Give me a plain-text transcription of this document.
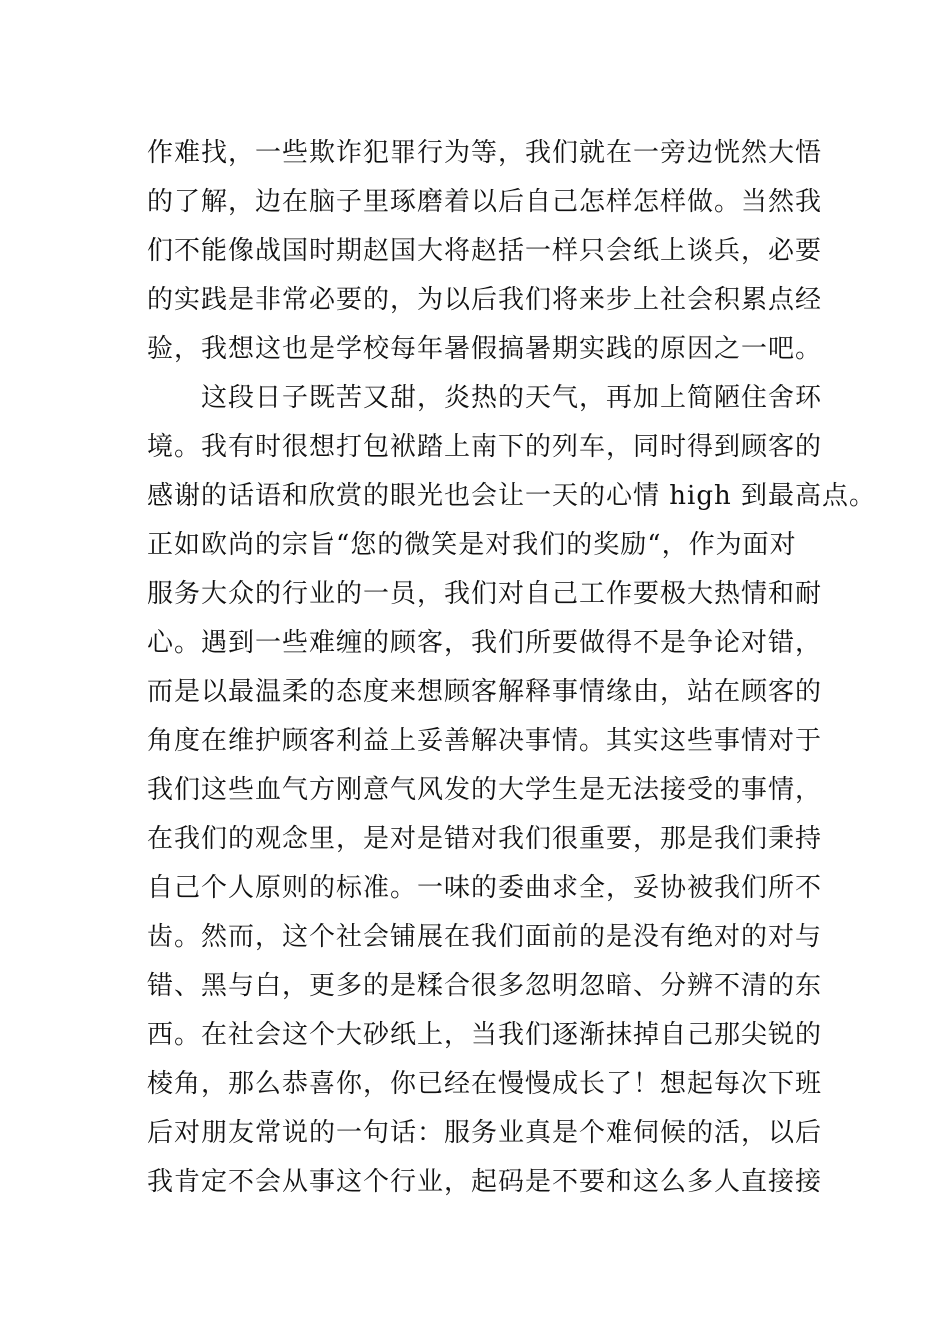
作难找，一些欺诈犯罪行为等，我们就在一旁边恍然大悟
的了解，边在脑子里琢磨着以后自己怎样怎样做。当然我
们不能像战国时期赵国大将赵括一样只会纸上谈兵，必要
的实践是非常必要的，为以后我们将来步上社会积累点经
验，我想这也是学校每年暑假搞暑期实践的原因之一吧。
这段日子既苦又甜，炎热的天气，再加上简陋住舍环
境。我有时很想打包袱踏上南下的列车，同时得到顾客的
感谢的话语和欣赏的眼光也会让一天的心情 high 到最高点。
正如欧尚的宗旨“您的微笑是对我们的奖励“，作为面对
服务大众的行业的一员，我们对自己工作要极大热情和耐
心。遇到一些难缠的顾客，我们所要做得不是争论对错，
而是以最温柔的态度来想顾客解释事情缘由，站在顾客的
角度在维护顾客利益上妥善解决事情。其实这些事情对于
我们这些血气方刚意气风发的大学生是无法接受的事情，
在我们的观念里，是对是错对我们很重要，那是我们秉持
自己个人原则的标准。一味的委曲求全，妥协被我们所不
齿。然而，这个社会铺展在我们面前的是没有绝对的对与
错、黑与白，更多的是糅合很多忽明忽暗、分辨不清的东
西。在社会这个大砂纸上，当我们逐渐抹掉自己那尖锐的
棱角，那么恭喜你，你已经在慢慢成长了！想起每次下班
后对朋友常说的一句话：服务业真是个难伺候的活，以后
我肯定不会从事这个行业，起码是不要和这么多人直接接
